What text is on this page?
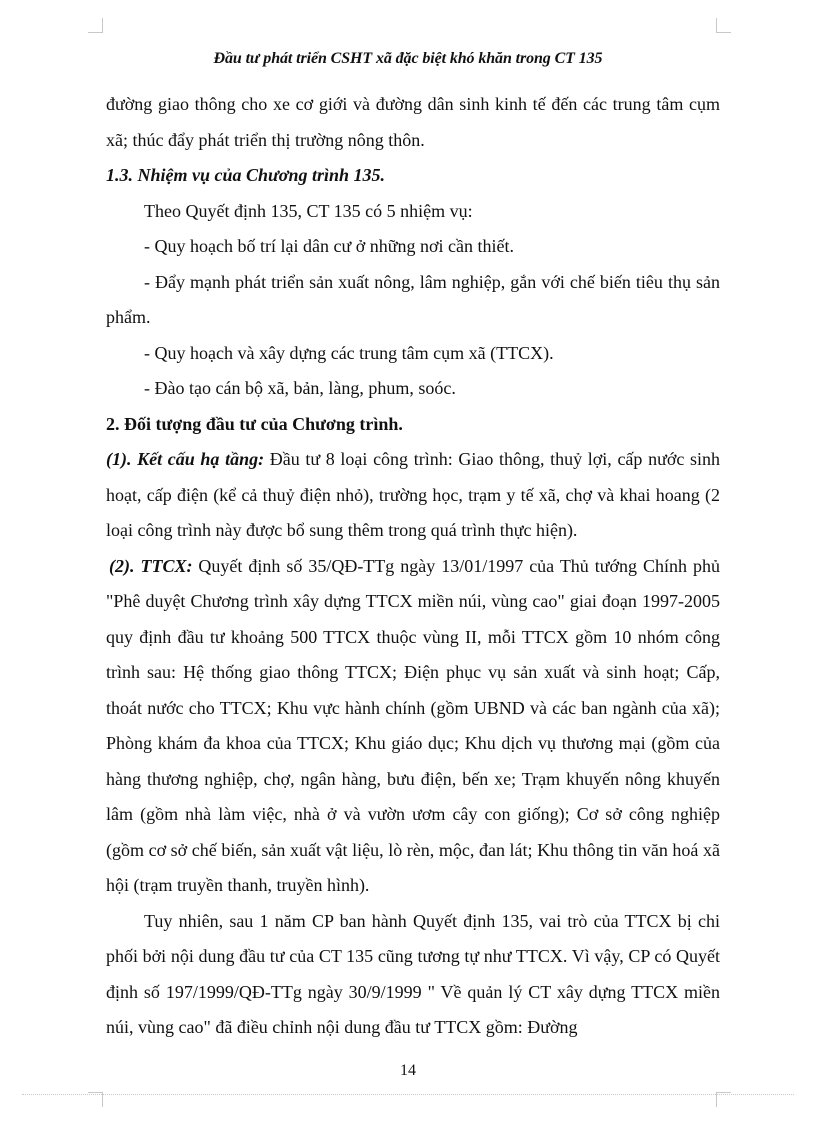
Đầu tư phát triển CSHT xã đặc biệt khó khăn trong CT 135

đường giao thông cho xe cơ giới và đường dân sinh kinh tế đến các trung tâm cụm xã; thúc đẩy phát triển thị trường nông thôn.

1.3. Nhiệm vụ của Chương trình 135.

Theo Quyết định 135, CT 135 có 5 nhiệm vụ:

- Quy hoạch bố trí lại dân cư ở những nơi cần thiết.

- Đẩy mạnh phát triển sản xuất nông, lâm nghiệp, gắn với chế biến tiêu thụ sản phẩm.

- Quy hoạch và xây dựng các trung tâm cụm xã (TTCX).

- Đào tạo cán bộ xã, bản, làng, phum, soóc.

2. Đối tượng đầu tư của Chương trình.

(1). Kết cấu hạ tầng: Đầu tư 8 loại công trình: Giao thông, thuỷ lợi, cấp nước sinh hoạt, cấp điện (kể cả thuỷ điện nhỏ), trường học, trạm y tế xã, chợ và khai hoang (2 loại công trình này được bổ sung thêm trong quá trình thực hiện).

(2). TTCX: Quyết định số 35/QĐ-TTg ngày 13/01/1997 của Thủ tướng Chính phủ "Phê duyệt Chương trình xây dựng TTCX miền núi, vùng cao" giai đoạn 1997-2005 quy định đầu tư khoảng 500 TTCX thuộc vùng II, mỗi TTCX gồm 10 nhóm công trình sau: Hệ thống giao thông TTCX; Điện phục vụ sản xuất và sinh hoạt; Cấp, thoát nước cho TTCX; Khu vực hành chính (gồm UBND và các ban ngành của xã); Phòng khám đa khoa của TTCX; Khu giáo dục; Khu dịch vụ thương mại (gồm của hàng thương nghiệp, chợ, ngân hàng, bưu điện, bến xe; Trạm khuyến nông khuyến lâm (gồm nhà làm việc, nhà ở và vườn ươm cây con giống); Cơ sở công nghiệp (gồm cơ sở chế biến, sản xuất vật liệu, lò rèn, mộc, đan lát; Khu thông tin văn hoá xã hội (trạm truyền thanh, truyền hình).

Tuy nhiên, sau 1 năm CP ban hành Quyết định 135, vai trò của TTCX bị chi phối bởi nội dung đầu tư của CT 135 cũng tương tự như TTCX. Vì vậy, CP có Quyết định số 197/1999/QĐ-TTg ngày 30/9/1999 " Về quản lý CT xây dựng TTCX miền núi, vùng cao" đã điều chỉnh nội dung đầu tư TTCX gồm: Đường

14
